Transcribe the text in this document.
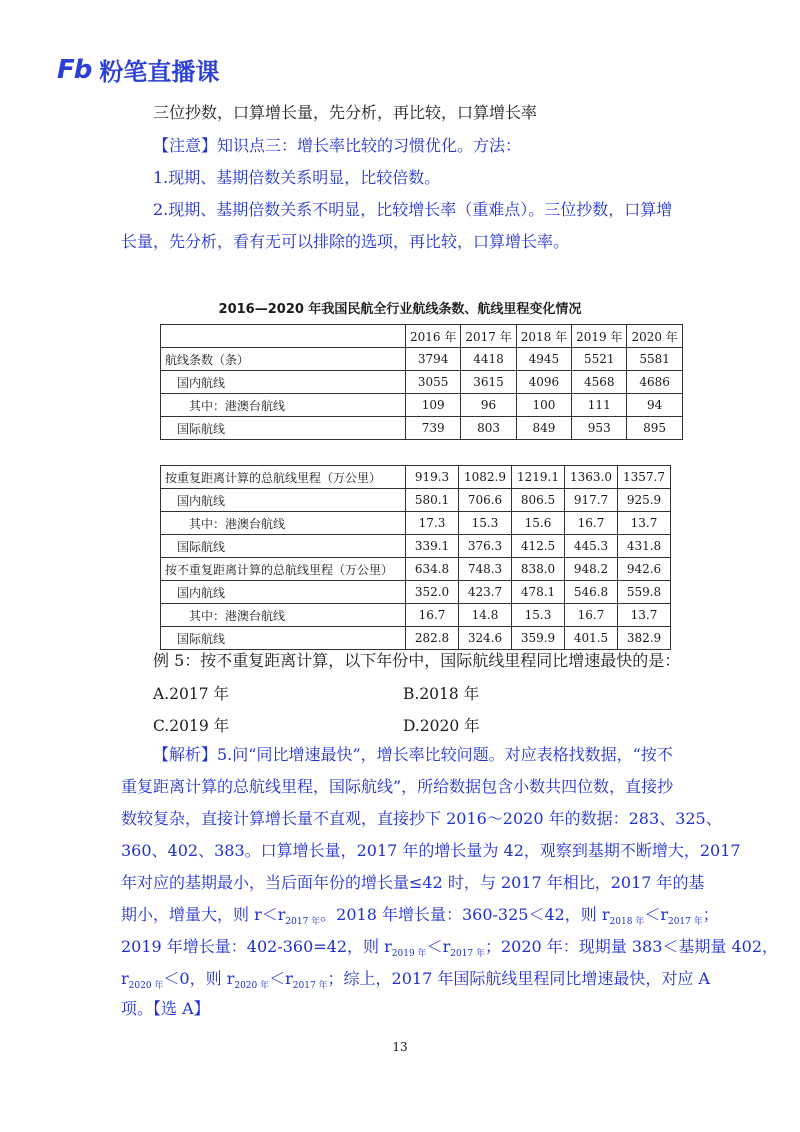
Fb 粉笔直播课
三位抄数，口算增长量，先分析，再比较，口算增长率
【注意】知识点三：增长率比较的习惯优化。方法：
1.现期、基期倍数关系明显，比较倍数。
2.现期、基期倍数关系不明显，比较增长率（重难点）。三位抄数，口算增
长量，先分析，看有无可以排除的选项，再比较，口算增长率。
2016—2020 年我国民航全行业航线条数、航线里程变化情况
	2016 年	2017 年	2018 年	2019 年	2020 年
航线条数（条）	3794	4418	4945	5521	5581
国内航线	3055	3615	4096	4568	4686
其中：港澳台航线	109	96	100	111	94
国际航线	739	803	849	953	895
按重复距离计算的总航线里程（万公里）	919.3	1082.9	1219.1	1363.0	1357.7
国内航线	580.1	706.6	806.5	917.7	925.9
其中：港澳台航线	17.3	15.3	15.6	16.7	13.7
国际航线	339.1	376.3	412.5	445.3	431.8
按不重复距离计算的总航线里程（万公里）	634.8	748.3	838.0	948.2	942.6
国内航线	352.0	423.7	478.1	546.8	559.8
其中：港澳台航线	16.7	14.8	15.3	16.7	13.7
国际航线	282.8	324.6	359.9	401.5	382.9
例 5：按不重复距离计算，以下年份中，国际航线里程同比增速最快的是：
A.2017 年	B.2018 年
C.2019 年	D.2020 年
【解析】5.问“同比增速最快”，增长率比较问题。对应表格找数据，“按不
重复距离计算的总航线里程，国际航线”，所给数据包含小数共四位数，直接抄
数较复杂，直接计算增长量不直观，直接抄下 2016～2020 年的数据：283、325、
360、402、383。口算增长量，2017 年的增长量为 42，观察到基期不断增大，2017
年对应的基期最小，当后面年份的增长量≤42 时，与 2017 年相比，2017 年的基
期小，增量大，则 $r<r_{2017 年}$。2018 年增长量：360-325＜42，则 $r_{2018 年}<r_{2017 年}$；
2019 年增长量：402-360=42，则 $r_{2019 年}<r_{2017 年}$；2020 年：现期量 383＜基期量 402，
$r_{2020 年}<0$，则 $r_{2020 年}<r_{2017 年}$；综上，2017 年国际航线里程同比增速最快，对应 A
项。【选 A】
13
